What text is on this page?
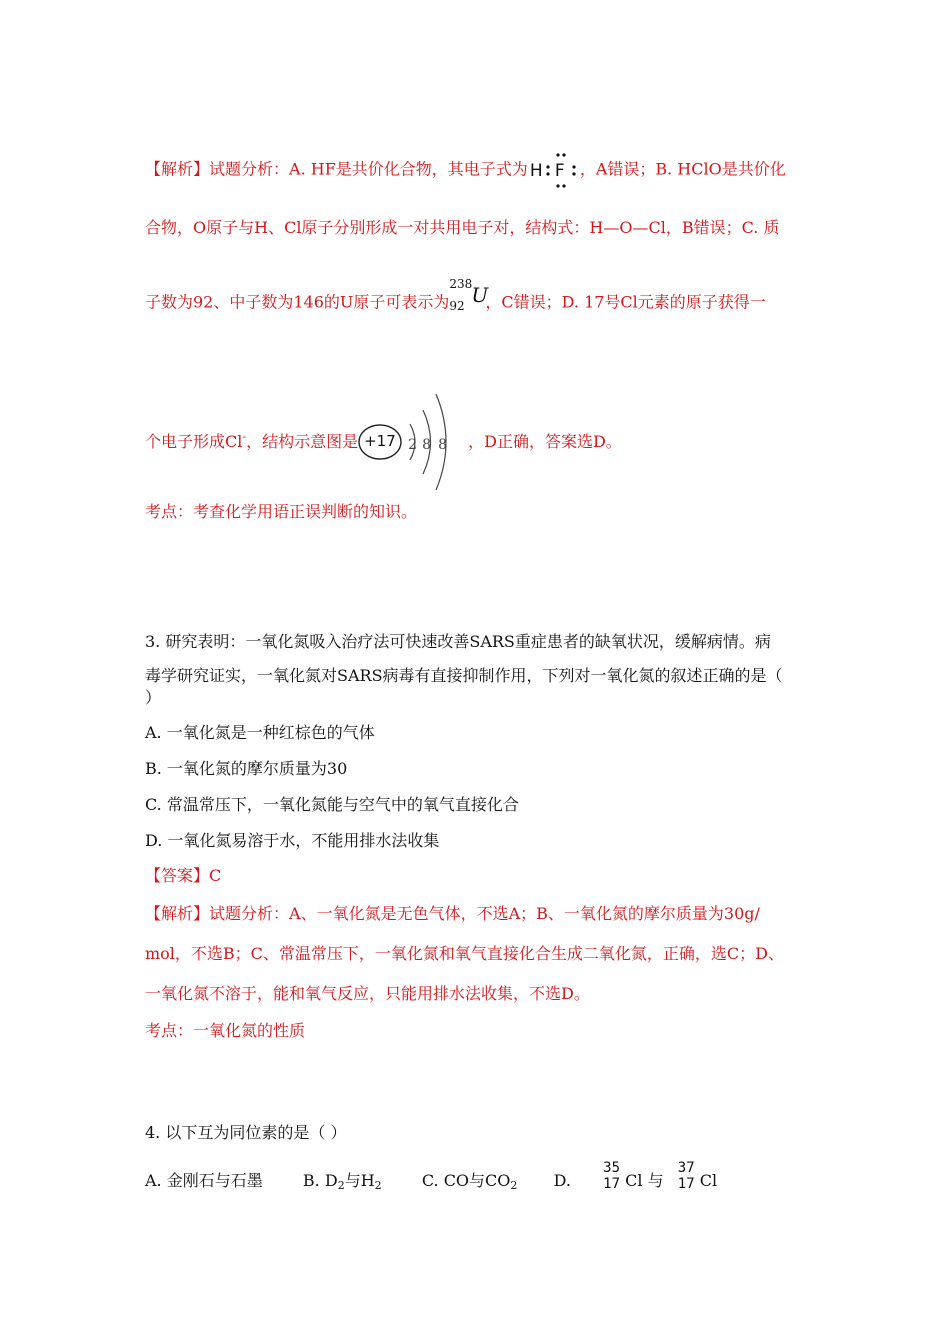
【解析】试题分析：A. HF是共价化合物，其电子式为 H F ，A错误；B. HClO是共价化
合物，O原子与H、Cl原子分别形成一对共用电子对，结构式：H—O—Cl，B错误；C. 质
子数为92、中子数为146的U原子可表示为
238
92 U
，C错误；D. 17号Cl元素的原子获得一
个电子形成Cl-，结构示意图是 +17 2 8 8 ，D正确，答案选D。
考点：考查化学用语正误判断的知识。
3. 研究表明：一氧化氮吸入治疗法可快速改善SARS重症患者的缺氧状况，缓解病情。病
毒学研究证实，一氧化氮对SARS病毒有直接抑制作用，下列对一氧化氮的叙述正确的是（
）
A. 一氧化氮是一种红棕色的气体
B. 一氧化氮的摩尔质量为30
C. 常温常压下，一氧化氮能与空气中的氧气直接化合
D. 一氧化氮易溶于水，不能用排水法收集
【答案】C
【解析】试题分析：A、一氧化氮是无色气体，不选A；B、一氧化氮的摩尔质量为30g/
mol，不选B；C、常温常压下，一氧化氮和氧气直接化合生成二氧化氮，正确，选C；D、
一氧化氮不溶于，能和氧气反应，只能用排水法收集，不选D。
考点：一氧化氮的性质
4. 以下互为同位素的是（ ）
A. 金刚石与石墨	B. $D_2$与$H_2$	C. CO与$CO_2$ D.
35
17 Cl 与
37
17 Cl
